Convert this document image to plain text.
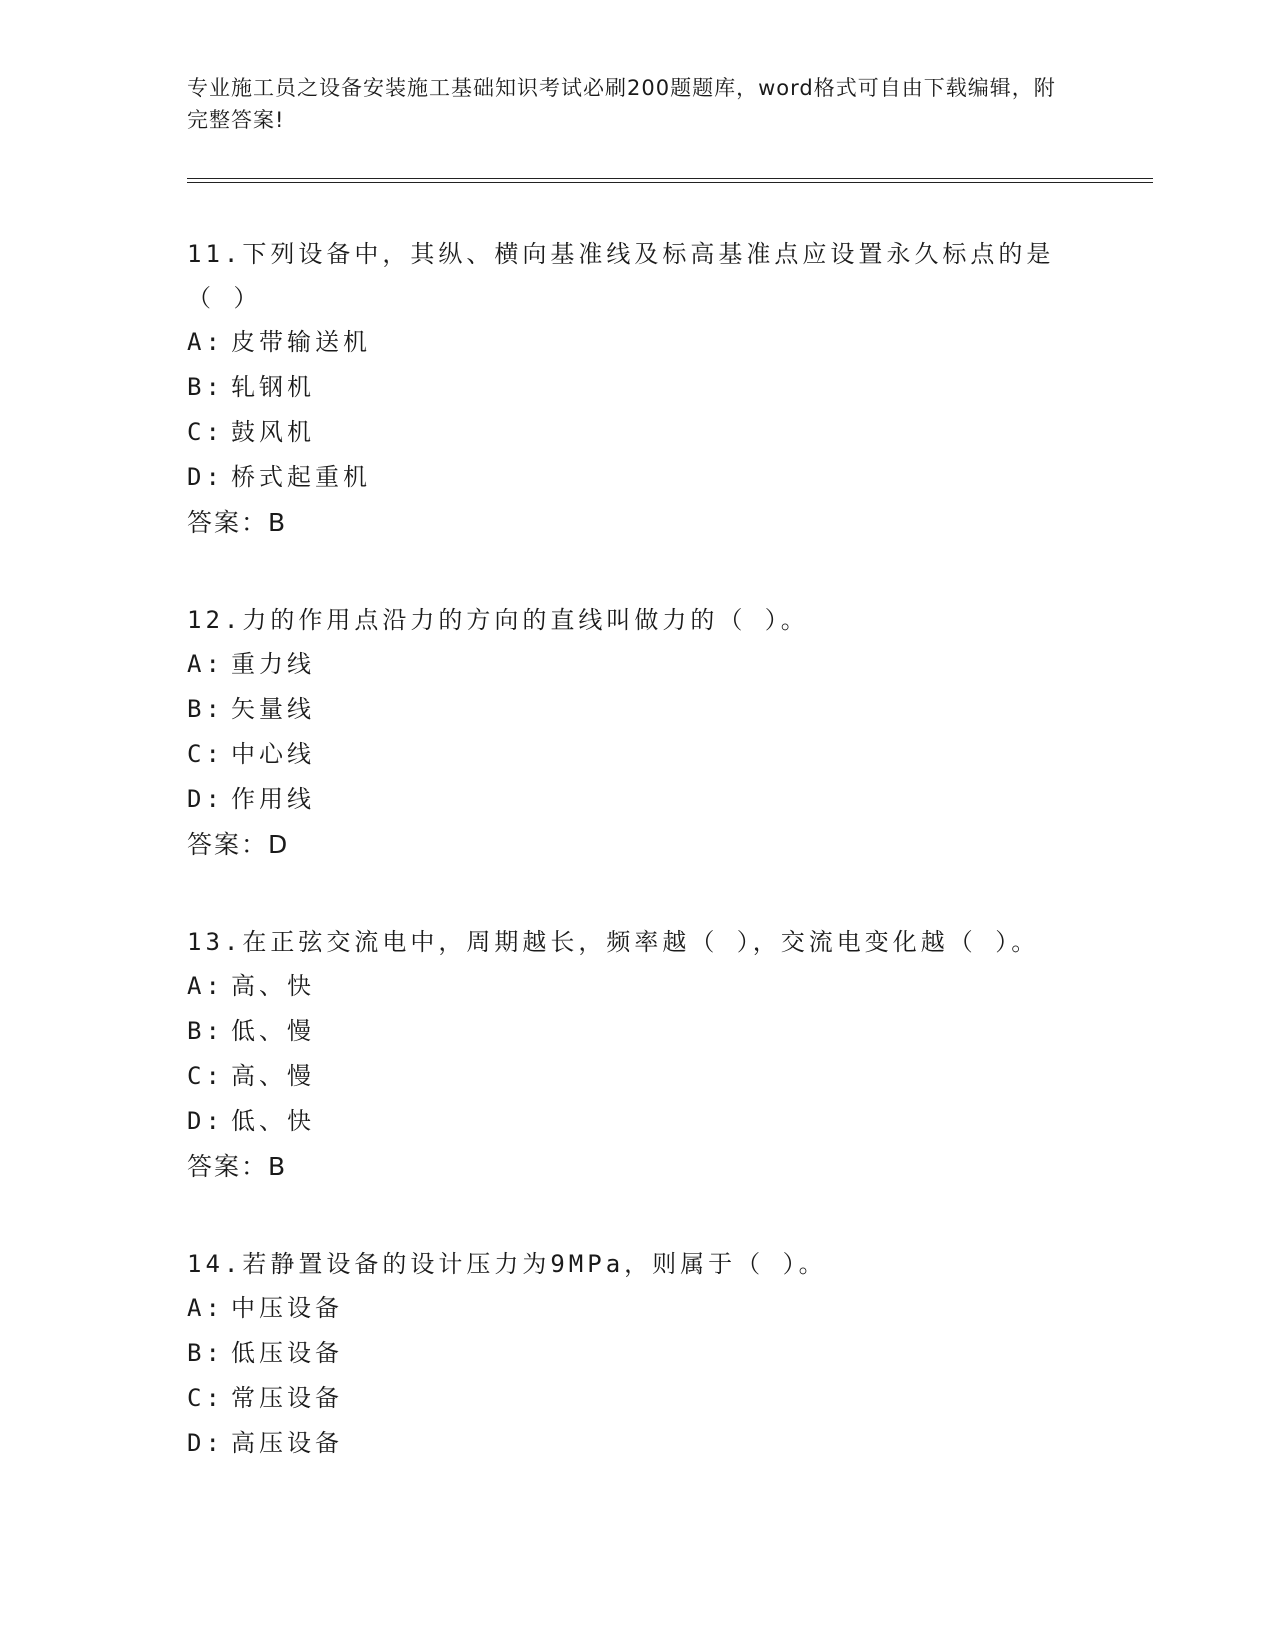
专业施工员之设备安装施工基础知识考试必刷200题题库，word格式可自由下载编辑，附完整答案!
11.下列设备中，其纵、横向基准线及标高基准点应设置永久标点的是（ ）
A: 皮带输送机
B: 轧钢机
C: 鼓风机
D: 桥式起重机
答案：B
12.力的作用点沿力的方向的直线叫做力的（ ）。
A: 重力线
B: 矢量线
C: 中心线
D: 作用线
答案：D
13.在正弦交流电中，周期越长，频率越（ ），交流电变化越（ ）。
A: 高、快
B: 低、慢
C: 高、慢
D: 低、快
答案：B
14.若静置设备的设计压力为9MPa，则属于（ ）。
A: 中压设备
B: 低压设备
C: 常压设备
D: 高压设备
